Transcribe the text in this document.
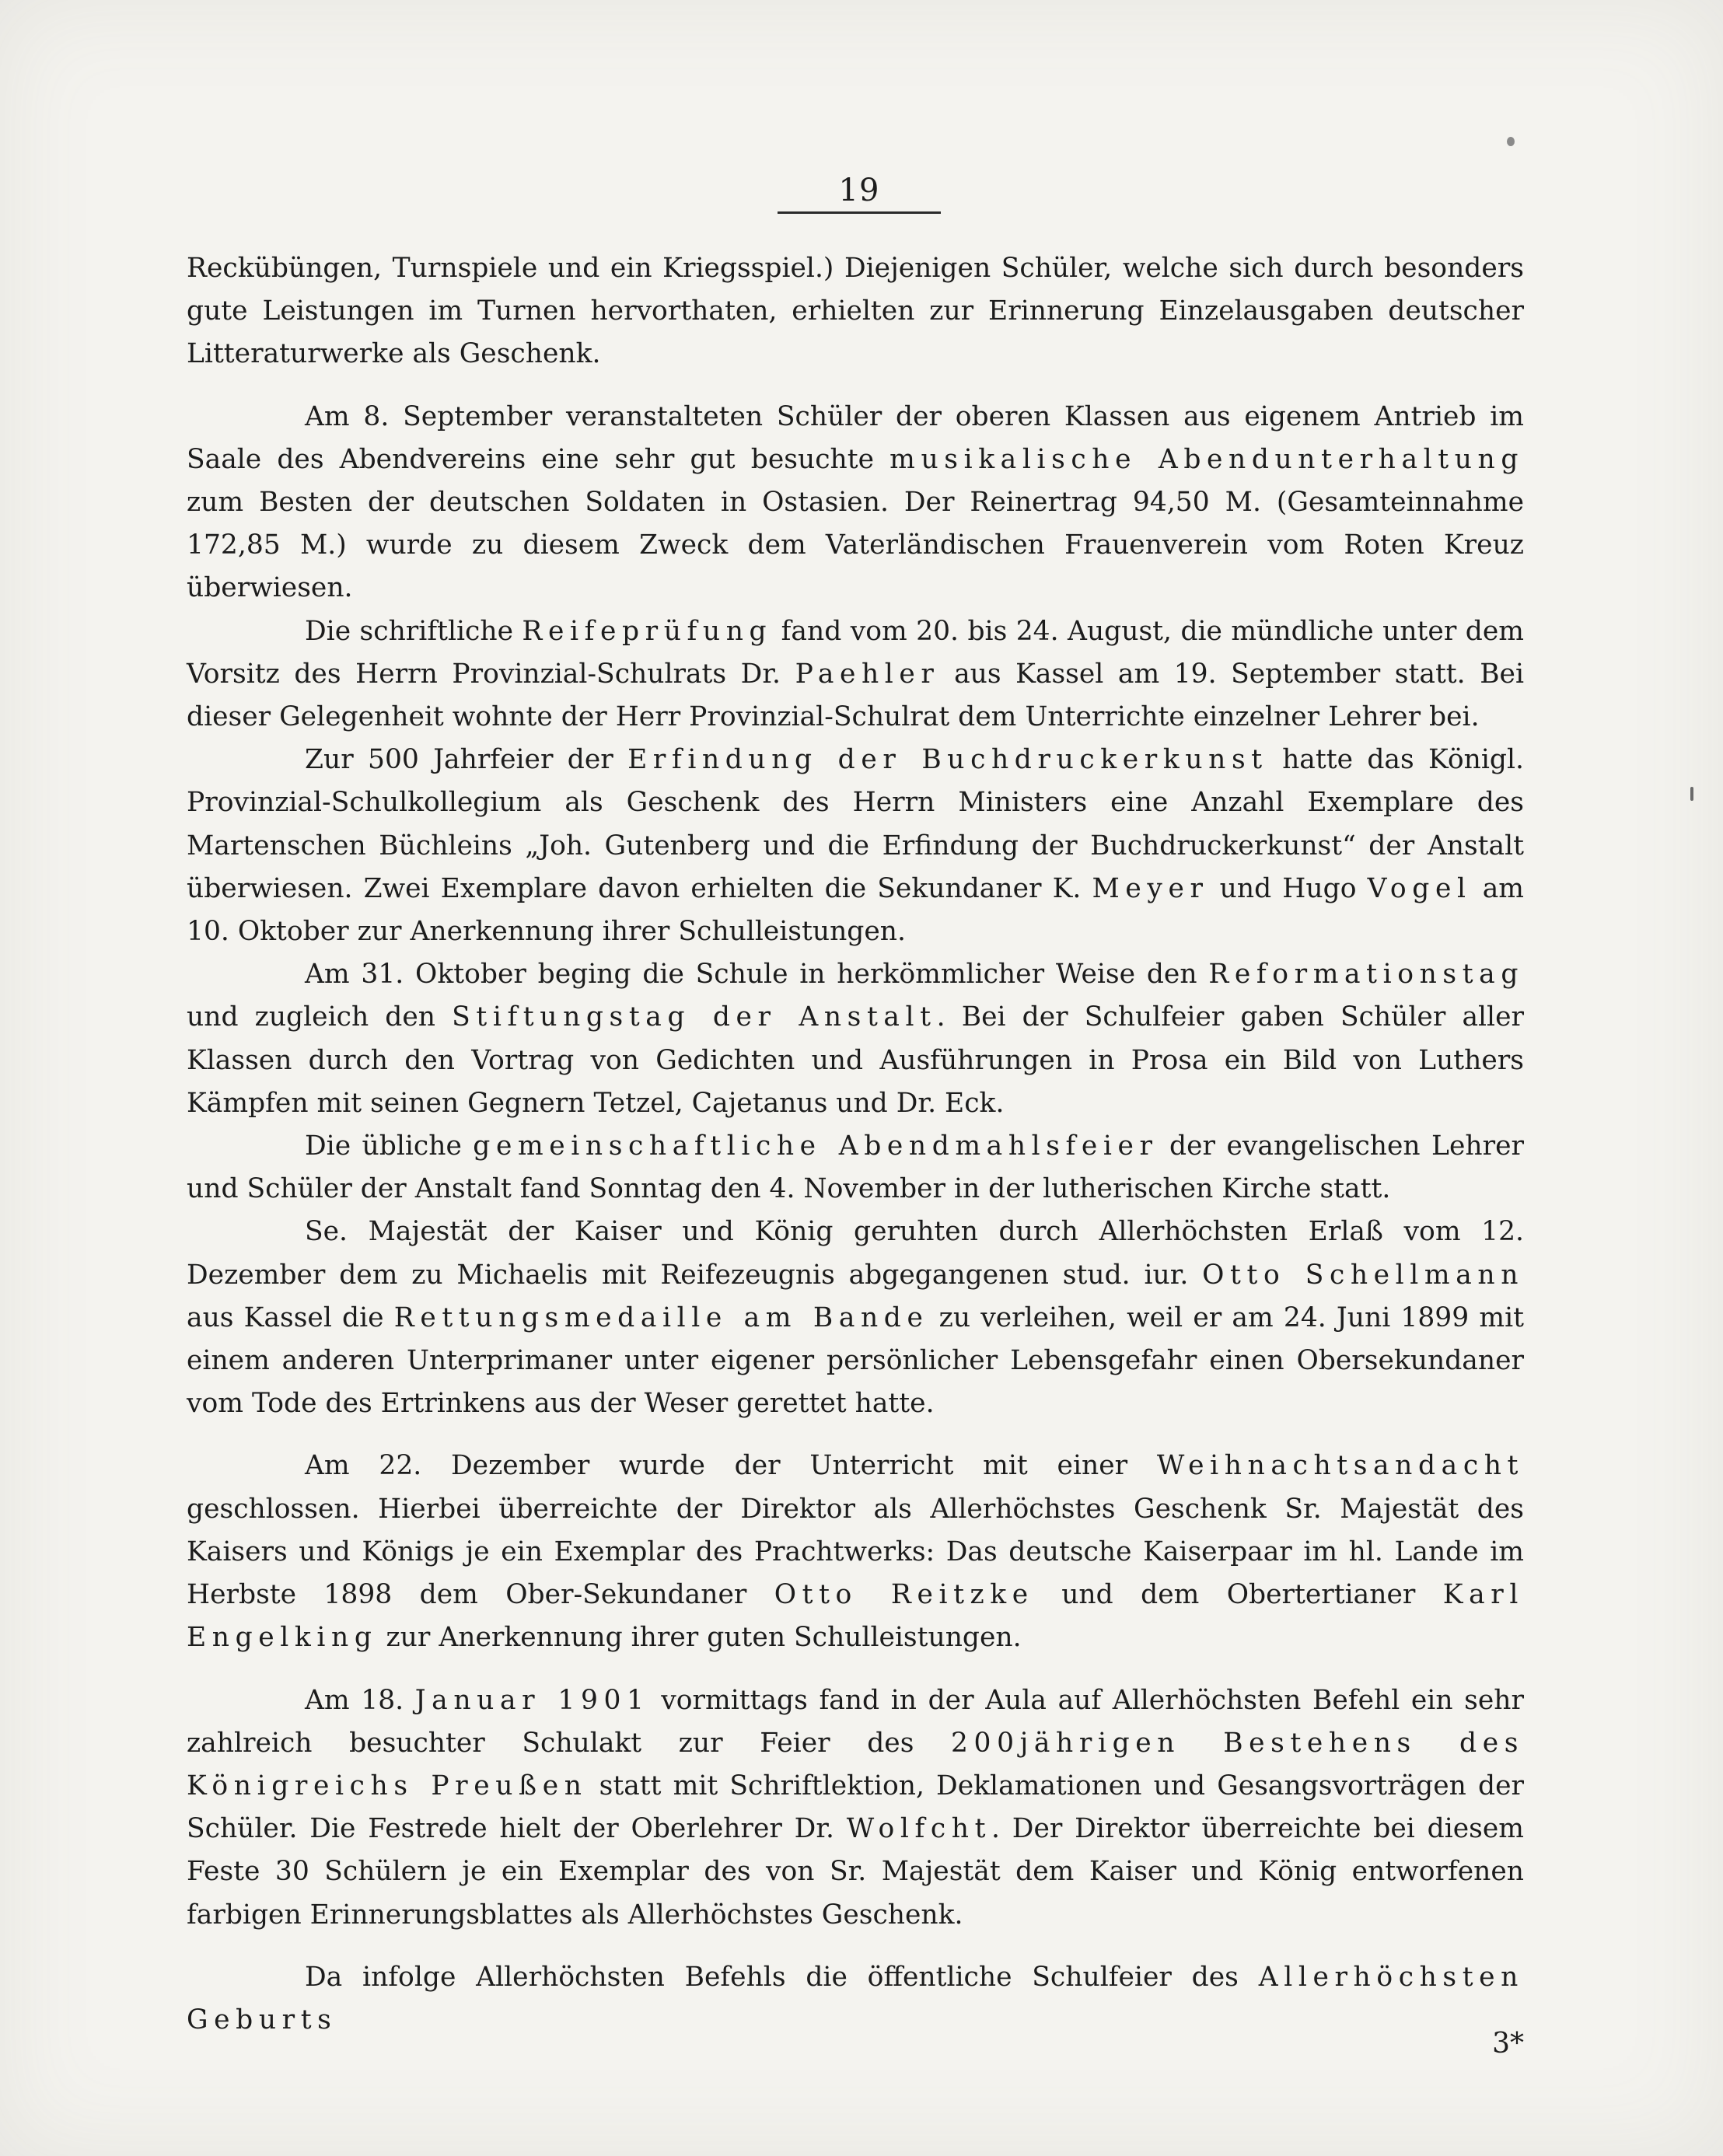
19

Reckübüngen, Turnspiele und ein Kriegsspiel.) Diejenigen Schüler, welche sich durch besonders gute Leistungen im Turnen hervorthaten, erhielten zur Erinnerung Einzelausgaben deutscher Litteraturwerke als Geschenk.

Am 8. September veranstalteten Schüler der oberen Klassen aus eigenem Antrieb im Saale des Abendvereins eine sehr gut besuchte musikalische Abendunterhaltung zum Besten der deutschen Soldaten in Ostasien. Der Reinertrag 94,50 M. (Gesamteinnahme 172,85 M.) wurde zu diesem Zweck dem Vaterländischen Frauenverein vom Roten Kreuz überwiesen.

Die schriftliche Reifeprüfung fand vom 20. bis 24. August, die mündliche unter dem Vorsitz des Herrn Provinzial-Schulrats Dr. Paehler aus Kassel am 19. September statt. Bei dieser Gelegenheit wohnte der Herr Provinzial-Schulrat dem Unterrichte einzelner Lehrer bei.

Zur 500 Jahrfeier der Erfindung der Buchdruckerkunst hatte das Königl. Provinzial-Schulkollegium als Geschenk des Herrn Ministers eine Anzahl Exemplare des Martenschen Büchleins „Joh. Gutenberg und die Erfindung der Buchdruckerkunst“ der Anstalt überwiesen. Zwei Exemplare davon erhielten die Sekundaner K. Meyer und Hugo Vogel am 10. Oktober zur Anerkennung ihrer Schulleistungen.

Am 31. Oktober beging die Schule in herkömmlicher Weise den Reformationstag und zugleich den Stiftungstag der Anstalt. Bei der Schulfeier gaben Schüler aller Klassen durch den Vortrag von Gedichten und Ausführungen in Prosa ein Bild von Luthers Kämpfen mit seinen Gegnern Tetzel, Cajetanus und Dr. Eck.

Die übliche gemeinschaftliche Abendmahlsfeier der evangelischen Lehrer und Schüler der Anstalt fand Sonntag den 4. November in der lutherischen Kirche statt.

Se. Majestät der Kaiser und König geruhten durch Allerhöchsten Erlaß vom 12. Dezember dem zu Michaelis mit Reifezeugnis abgegangenen stud. iur. Otto Schellmann aus Kassel die Rettungsmedaille am Bande zu verleihen, weil er am 24. Juni 1899 mit einem anderen Unterprimaner unter eigener persönlicher Lebensgefahr einen Obersekundaner vom Tode des Ertrinkens aus der Weser gerettet hatte.

Am 22. Dezember wurde der Unterricht mit einer Weihnachtsandacht geschlossen. Hierbei überreichte der Direktor als Allerhöchstes Geschenk Sr. Majestät des Kaisers und Königs je ein Exemplar des Prachtwerks: Das deutsche Kaiserpaar im hl. Lande im Herbste 1898 dem Ober-Sekundaner Otto Reitzke und dem Obertertianer Karl Engelking zur Anerkennung ihrer guten Schulleistungen.

Am 18. Januar 1901 vormittags fand in der Aula auf Allerhöchsten Befehl ein sehr zahlreich besuchter Schulakt zur Feier des 200jährigen Bestehens des Königreichs Preußen statt mit Schriftlektion, Deklamationen und Gesangsvorträgen der Schüler. Die Festrede hielt der Oberlehrer Dr. Wolfcht. Der Direktor überreichte bei diesem Feste 30 Schülern je ein Exemplar des von Sr. Majestät dem Kaiser und König entworfenen farbigen Erinnerungsblattes als Allerhöchstes Geschenk.

Da infolge Allerhöchsten Befehls die öffentliche Schulfeier des Allerhöchsten Geburts

3*
